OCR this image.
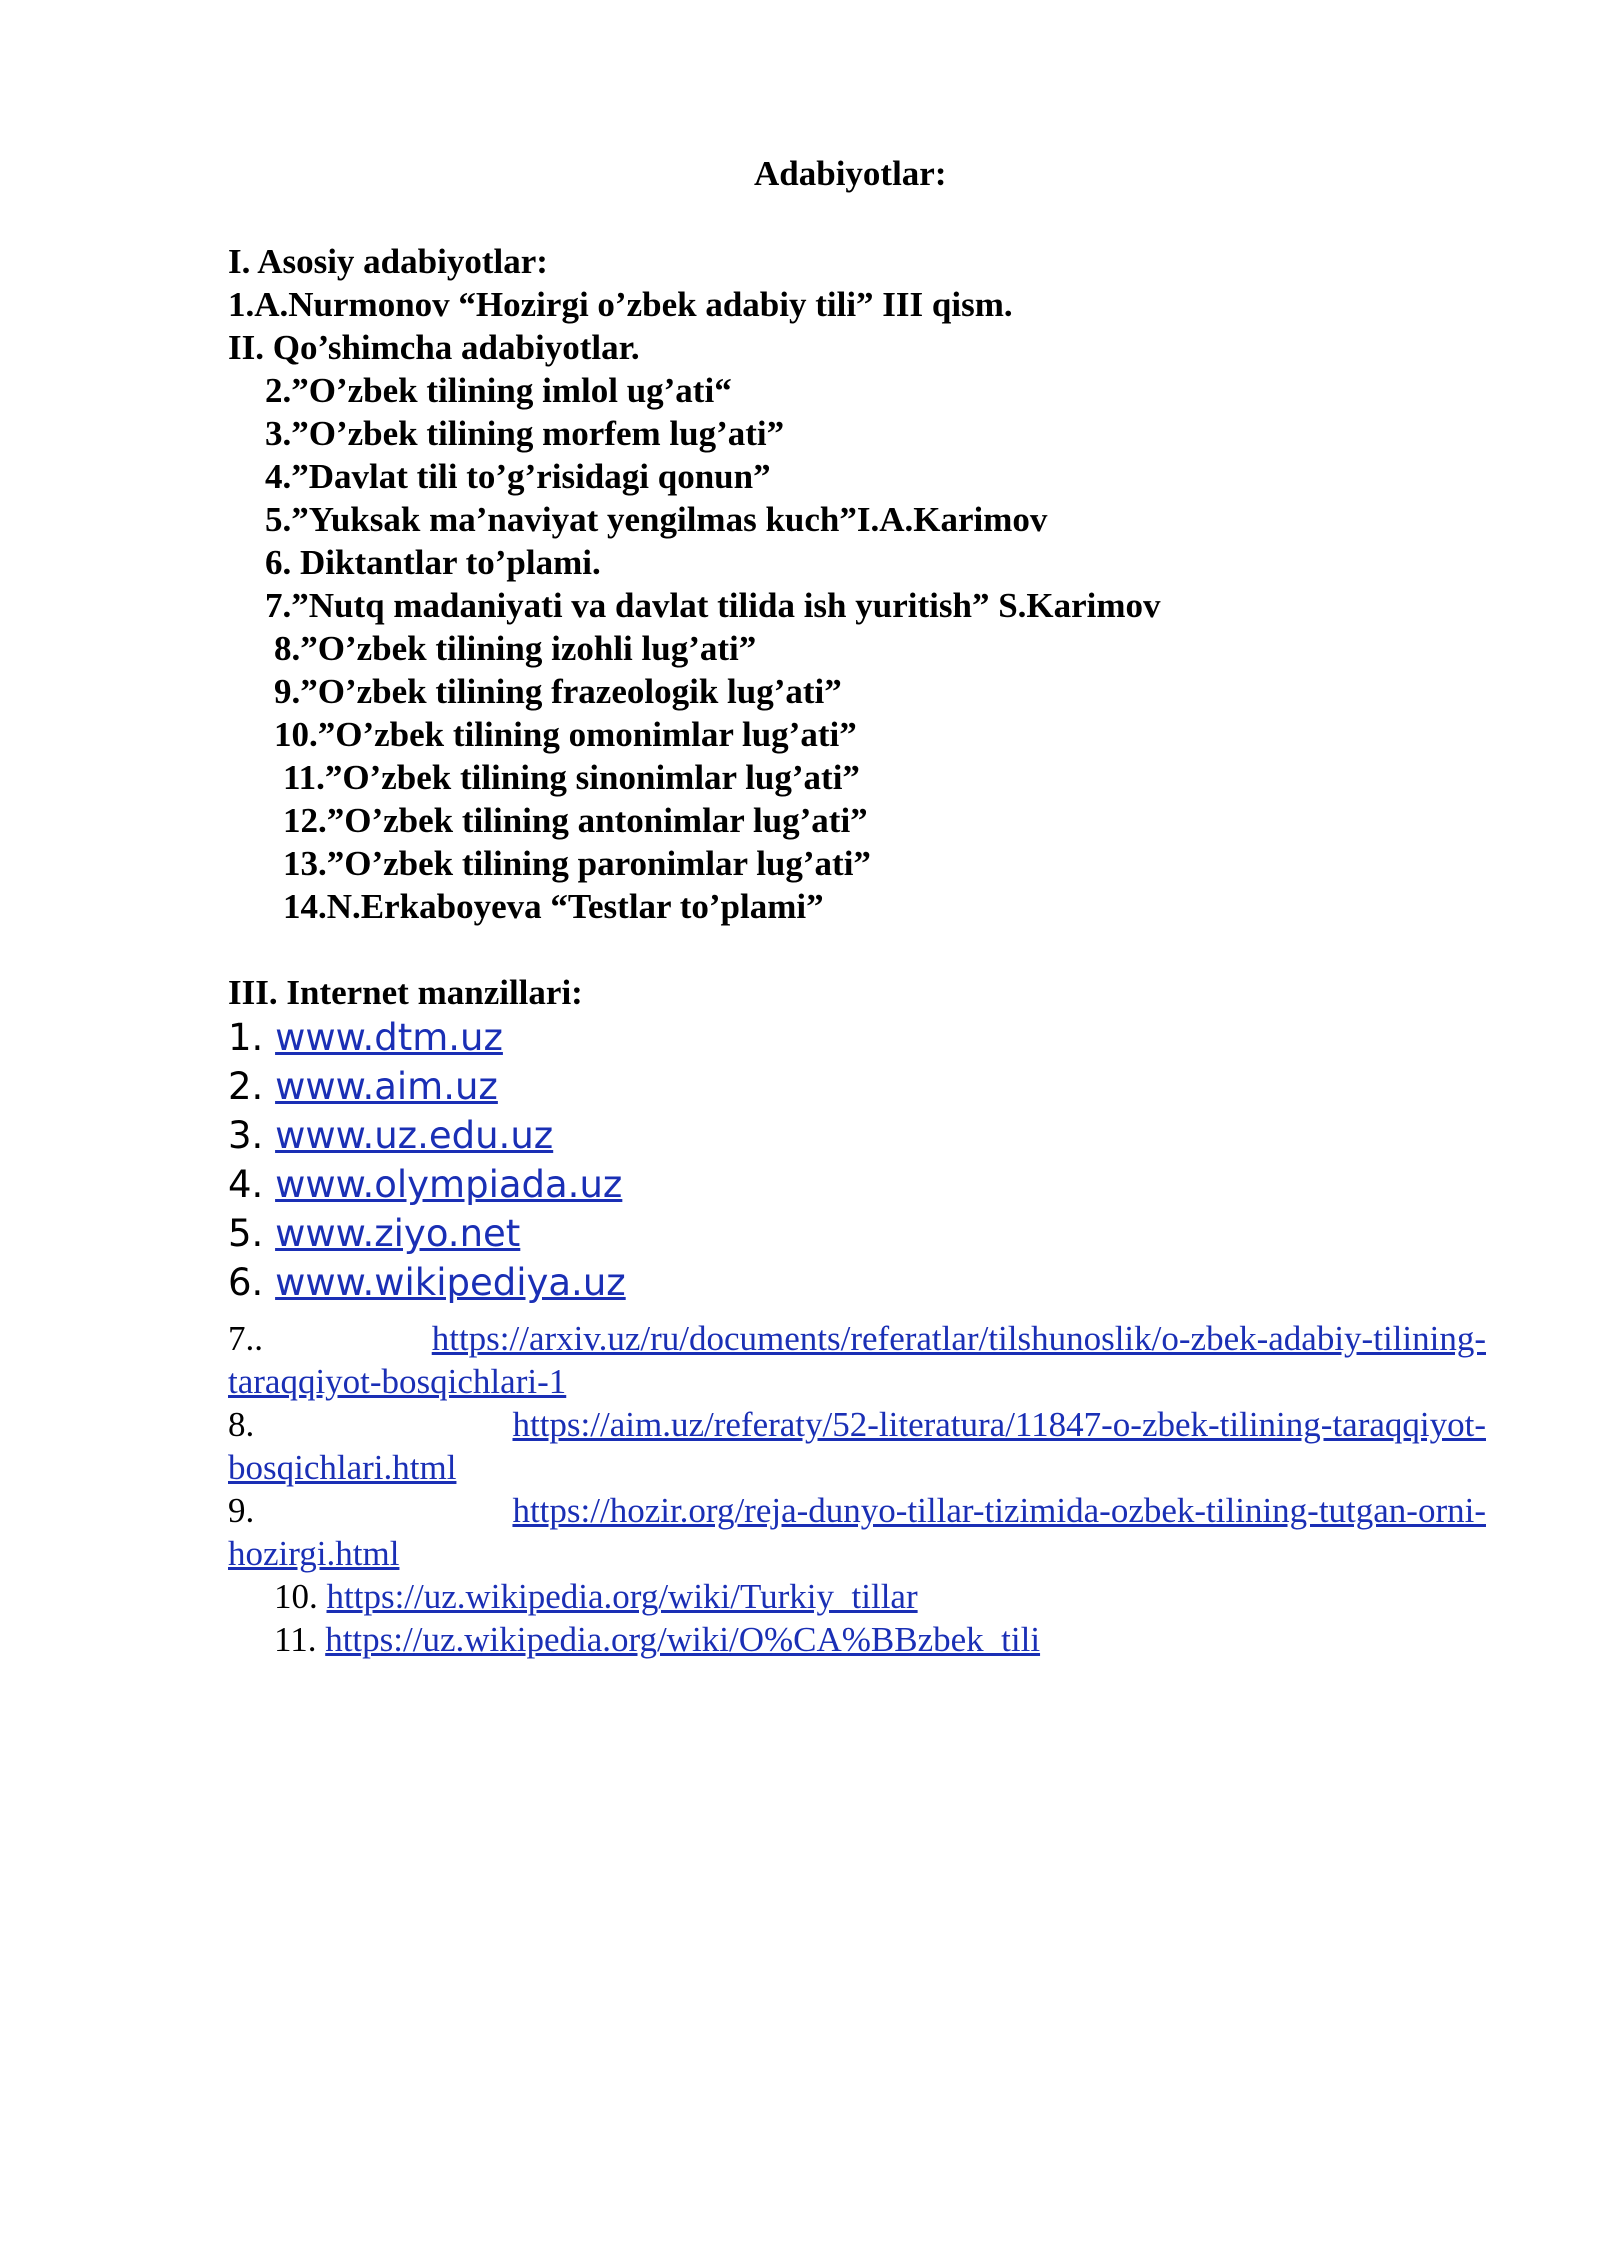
Adabiyotlar:
I. Asosiy adabiyotlar:
1.A.Nurmonov “Hozirgi o’zbek adabiy tili” III qism.
II. Qo’shimcha adabiyotlar.
2.”O’zbek tilining imlol ug’ati“
3.”O’zbek tilining morfem lug’ati”
4.”Davlat tili to’g’risidagi qonun”
5.”Yuksak ma’naviyat yengilmas kuch”I.A.Karimov
6. Diktantlar to’plami.
7.”Nutq madaniyati va davlat tilida ish yuritish” S.Karimov
8.”O’zbek tilining izohli lug’ati”
9.”O’zbek tilining frazeologik lug’ati”
10.”O’zbek tilining omonimlar lug’ati”
11.”O’zbek tilining sinonimlar lug’ati”
12.”O’zbek tilining antonimlar lug’ati”
13.”O’zbek tilining paronimlar lug’ati”
14.N.Erkaboyeva “Testlar to’plami”
III. Internet manzillari:
1. www.dtm.uz
2. www.aim.uz
3. www.uz.edu.uz
4. www.olympiada.uz
5. www.ziyo.net
6. www.wikipediya.uz
7..	https://arxiv.uz/ru/documents/referatlar/tilshunoslik/o-zbek-adabiy-tilining-
taraqqiyot-bosqichlari-1
8.	https://aim.uz/referaty/52-literatura/11847-o-zbek-tilining-taraqqiyot-
bosqichlari.html
9.	https://hozir.org/reja-dunyo-tillar-tizimida-ozbek-tilining-tutgan-orni-
hozirgi.html
10. https://uz.wikipedia.org/wiki/Turkiy_tillar
11. https://uz.wikipedia.org/wiki/O%CA%BBzbek_tili
